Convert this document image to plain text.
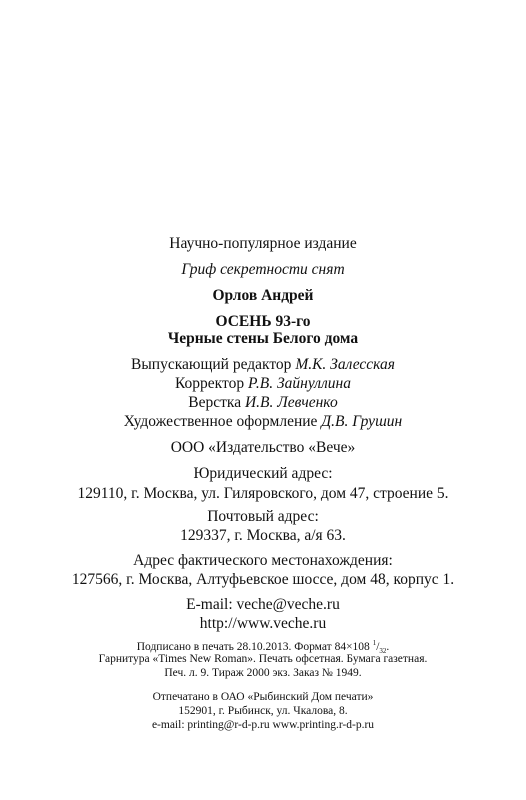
Научно-популярное издание
Гриф секретности снят
Орлов Андрей
ОСЕНЬ 93-го
Черные стены Белого дома
Выпускающий редактор М.К. Залесская
Корректор Р.В. Зайнуллина
Верстка И.В. Левченко
Художественное оформление Д.В. Грушин
ООО «Издательство «Вече»
Юридический адрес:
129110, г. Москва, ул. Гиляровского, дом 47, строение 5.
Почтовый адрес:
129337, г. Москва, а/я 63.
Адрес фактического местонахождения:
127566, г. Москва, Алтуфьевское шоссе, дом 48, корпус 1.
E-mail: veche@veche.ru
http://www.veche.ru
Подписано в печать 28.10.2013. Формат 84×108 $^1/_{32}$.
Гарнитура «Times New Roman». Печать офсетная. Бумага газетная.
Печ. л. 9. Тираж 2000 экз. Заказ № 1949.
Отпечатано в ОАО «Рыбинский Дом печати»
152901, г. Рыбинск, ул. Чкалова, 8.
e-mail: printing@r-d-p.ru www.printing.r-d-p.ru
